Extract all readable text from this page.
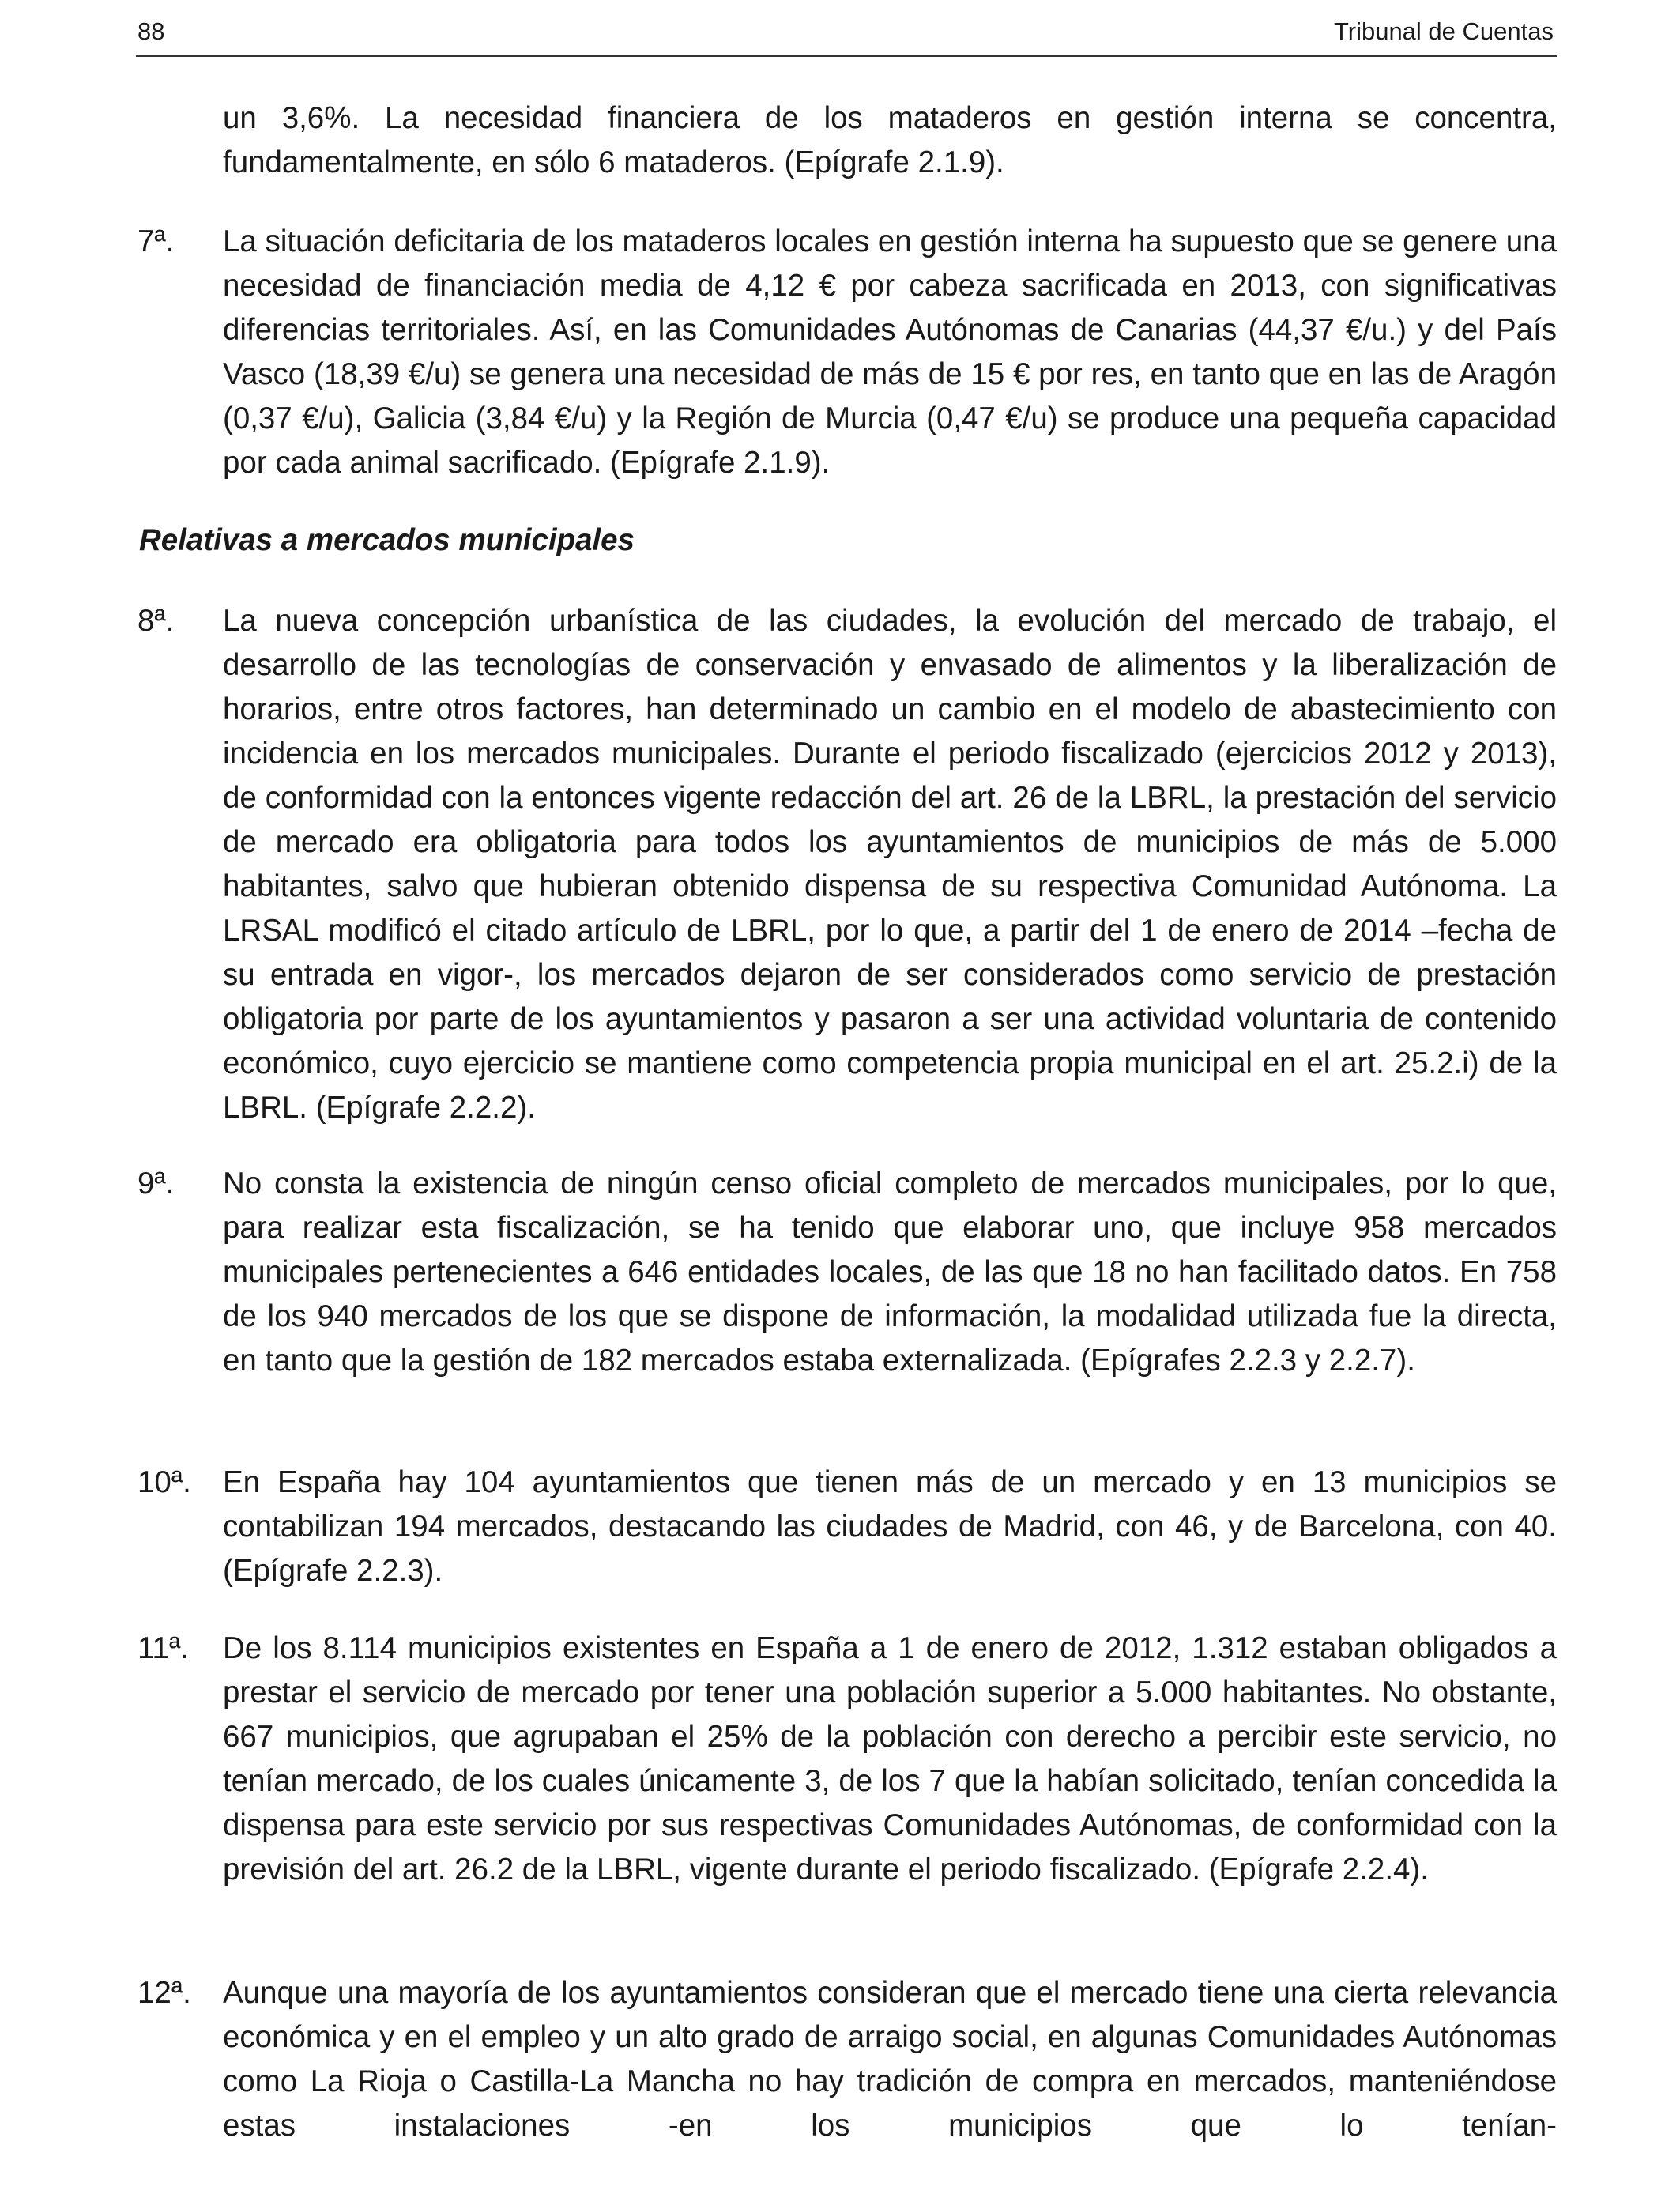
88	Tribunal de Cuentas
un 3,6%. La necesidad financiera de los mataderos en gestión interna se concentra, fundamentalmente, en sólo 6 mataderos. (Epígrafe 2.1.9).
7ª. La situación deficitaria de los mataderos locales en gestión interna ha supuesto que se genere una necesidad de financiación media de 4,12 € por cabeza sacrificada en 2013, con significativas diferencias territoriales. Así, en las Comunidades Autónomas de Canarias (44,37 €/u.) y del País Vasco (18,39 €/u) se genera una necesidad de más de 15 € por res, en tanto que en las de Aragón (0,37 €/u), Galicia (3,84 €/u) y la Región de Murcia (0,47 €/u) se produce una pequeña capacidad por cada animal sacrificado. (Epígrafe 2.1.9).
Relativas a mercados municipales
8ª. La nueva concepción urbanística de las ciudades, la evolución del mercado de trabajo, el desarrollo de las tecnologías de conservación y envasado de alimentos y la liberalización de horarios, entre otros factores, han determinado un cambio en el modelo de abastecimiento con incidencia en los mercados municipales. Durante el periodo fiscalizado (ejercicios 2012 y 2013), de conformidad con la entonces vigente redacción del art. 26 de la LBRL, la prestación del servicio de mercado era obligatoria para todos los ayuntamientos de municipios de más de 5.000 habitantes, salvo que hubieran obtenido dispensa de su respectiva Comunidad Autónoma. La LRSAL modificó el citado artículo de LBRL, por lo que, a partir del 1 de enero de 2014 –fecha de su entrada en vigor-, los mercados dejaron de ser considerados como servicio de prestación obligatoria por parte de los ayuntamientos y pasaron a ser una actividad voluntaria de contenido económico, cuyo ejercicio se mantiene como competencia propia municipal en el art. 25.2.i) de la LBRL. (Epígrafe 2.2.2).
9ª. No consta la existencia de ningún censo oficial completo de mercados municipales, por lo que, para realizar esta fiscalización, se ha tenido que elaborar uno, que incluye 958 mercados municipales pertenecientes a 646 entidades locales, de las que 18 no han facilitado datos. En 758 de los 940 mercados de los que se dispone de información, la modalidad utilizada fue la directa, en tanto que la gestión de 182 mercados estaba externalizada. (Epígrafes 2.2.3 y 2.2.7).
10ª. En España hay 104 ayuntamientos que tienen más de un mercado y en 13 municipios se contabilizan 194 mercados, destacando las ciudades de Madrid, con 46, y de Barcelona, con 40. (Epígrafe 2.2.3).
11ª. De los 8.114 municipios existentes en España a 1 de enero de 2012, 1.312 estaban obligados a prestar el servicio de mercado por tener una población superior a 5.000 habitantes. No obstante, 667 municipios, que agrupaban el 25% de la población con derecho a percibir este servicio, no tenían mercado, de los cuales únicamente 3, de los 7 que la habían solicitado, tenían concedida la dispensa para este servicio por sus respectivas Comunidades Autónomas, de conformidad con la previsión del art. 26.2 de la LBRL, vigente durante el periodo fiscalizado. (Epígrafe 2.2.4).
12ª. Aunque una mayoría de los ayuntamientos consideran que el mercado tiene una cierta relevancia económica y en el empleo y un alto grado de arraigo social, en algunas Comunidades Autónomas como La Rioja o Castilla-La Mancha no hay tradición de compra en mercados, manteniéndose estas instalaciones -en los municipios que lo tenían-
